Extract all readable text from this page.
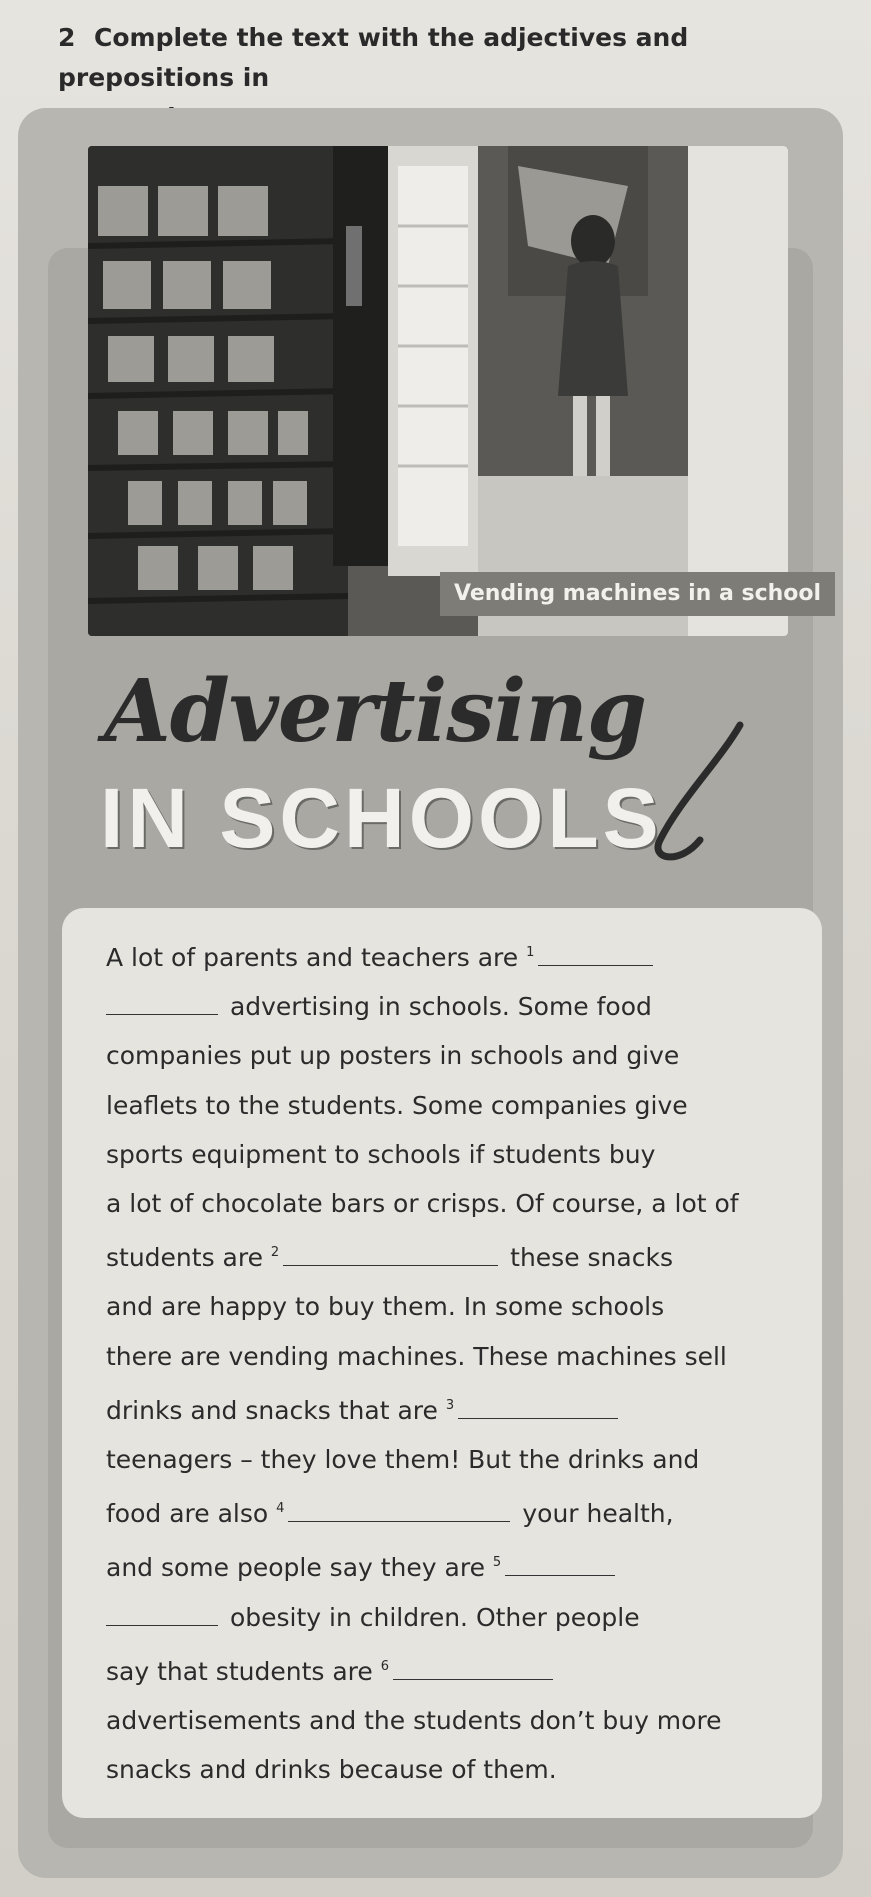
2 Complete the text with the adjectives and prepositions in
Vending machines in a school
Advertising
IN SCHOOLS
A lot of parents and teachers are $^1$
advertising in schools. Some food
companies put up posters in schools and give
leaflets to the students. Some companies give
sports equipment to schools if students buy
a lot of chocolate bars or crisps. Of course, a lot of
students are $^2$	these snacks
and are happy to buy them. In some schools
there are vending machines. These machines sell
drinks and snacks that are $^3$
teenagers – they love them! But the drinks and
food are also $^4$	your health,
and some people say they are $^5$
obesity in children. Other people
say that students are $^6$
advertisements and the students don’t buy more
snacks and drinks because of them.
